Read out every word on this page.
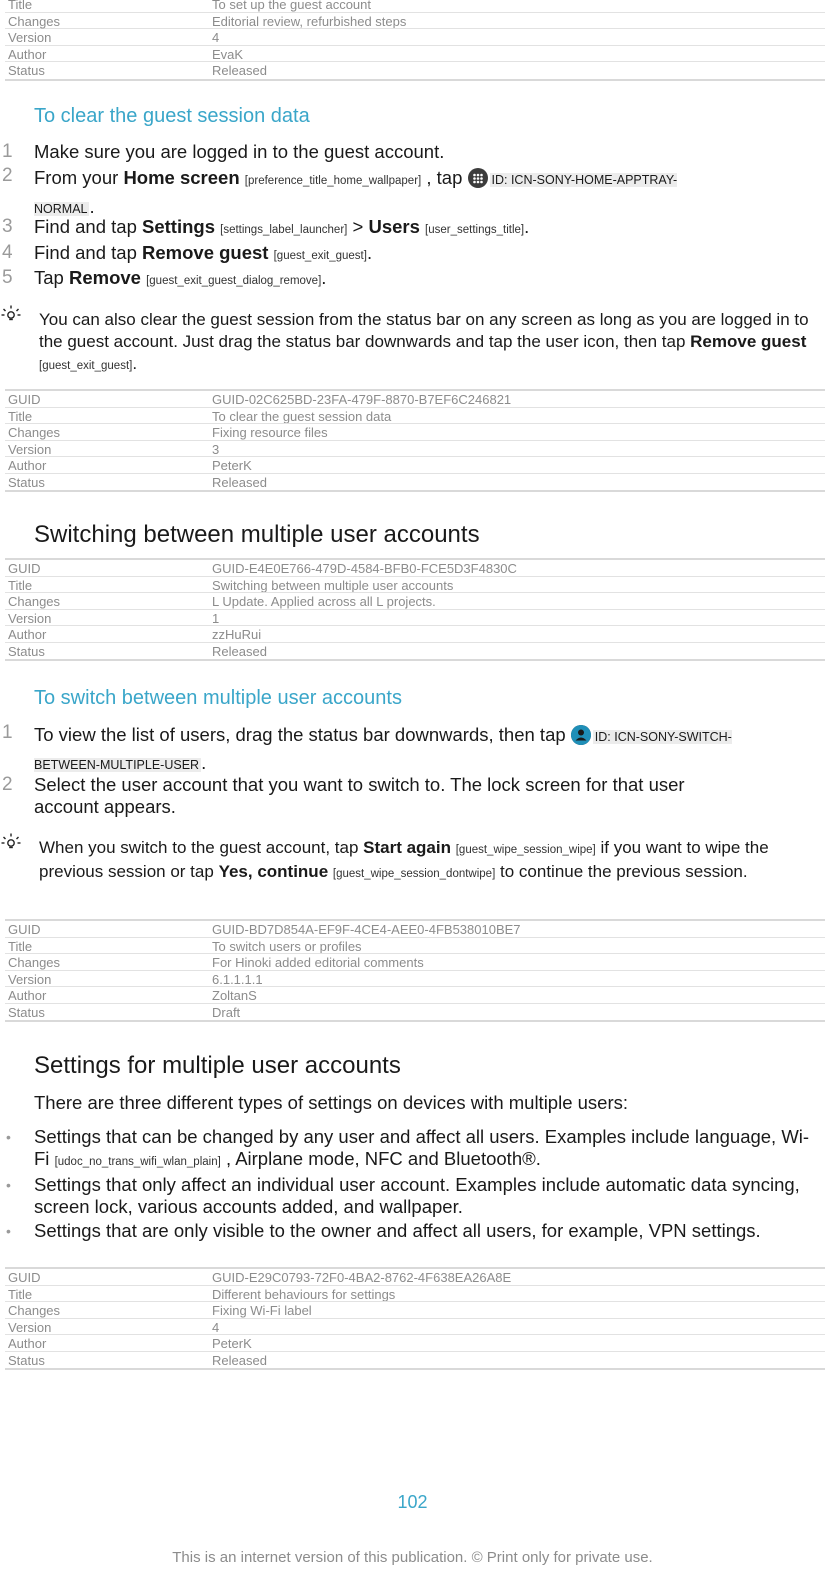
Title	To set up the guest account
Changes	Editorial review, refurbished steps
Version	4
Author	EvaK
Status	Released
To clear the guest session data
1 Make sure you are logged in to the guest account.
2 From your Home screen [preference_title_home_wallpaper] , tap ID: ICN-SONY-HOME-APPTRAY-NORMAL .
3 Find and tap Settings [settings_label_launcher] > Users [user_settings_title].
4 Find and tap Remove guest [guest_exit_guest].
5 Tap Remove [guest_exit_guest_dialog_remove].
You can also clear the guest session from the status bar on any screen as long as you are logged in to the guest account. Just drag the status bar downwards and tap the user icon, then tap Remove guest [guest_exit_guest].
GUID	GUID-02C625BD-23FA-479F-8870-B7EF6C246821
Title	To clear the guest session data
Changes	Fixing resource files
Version	3
Author	PeterK
Status	Released
Switching between multiple user accounts
GUID	GUID-E4E0E766-479D-4584-BFB0-FCE5D3F4830C
Title	Switching between multiple user accounts
Changes	L Update. Applied across all L projects.
Version	1
Author	zzHuRui
Status	Released
To switch between multiple user accounts
1 To view the list of users, drag the status bar downwards, then tap ID: ICN-SONY-SWITCH-BETWEEN-MULTIPLE-USER .
2 Select the user account that you want to switch to. The lock screen for that user account appears.
When you switch to the guest account, tap Start again [guest_wipe_session_wipe] if you want to wipe the previous session or tap Yes, continue [guest_wipe_session_dontwipe] to continue the previous session.
GUID	GUID-BD7D854A-EF9F-4CE4-AEE0-4FB538010BE7
Title	To switch users or profiles
Changes	For Hinoki added editorial comments
Version	6.1.1.1.1
Author	ZoltanS
Status	Draft
Settings for multiple user accounts
There are three different types of settings on devices with multiple users:
• Settings that can be changed by any user and affect all users. Examples include language, Wi-Fi [udoc_no_trans_wifi_wlan_plain] , Airplane mode, NFC and Bluetooth®.
• Settings that only affect an individual user account. Examples include automatic data syncing, screen lock, various accounts added, and wallpaper.
• Settings that are only visible to the owner and affect all users, for example, VPN settings.
GUID	GUID-E29C0793-72F0-4BA2-8762-4F638EA26A8E
Title	Different behaviours for settings
Changes	Fixing Wi-Fi label
Version	4
Author	PeterK
Status	Released
102
This is an internet version of this publication. © Print only for private use.
